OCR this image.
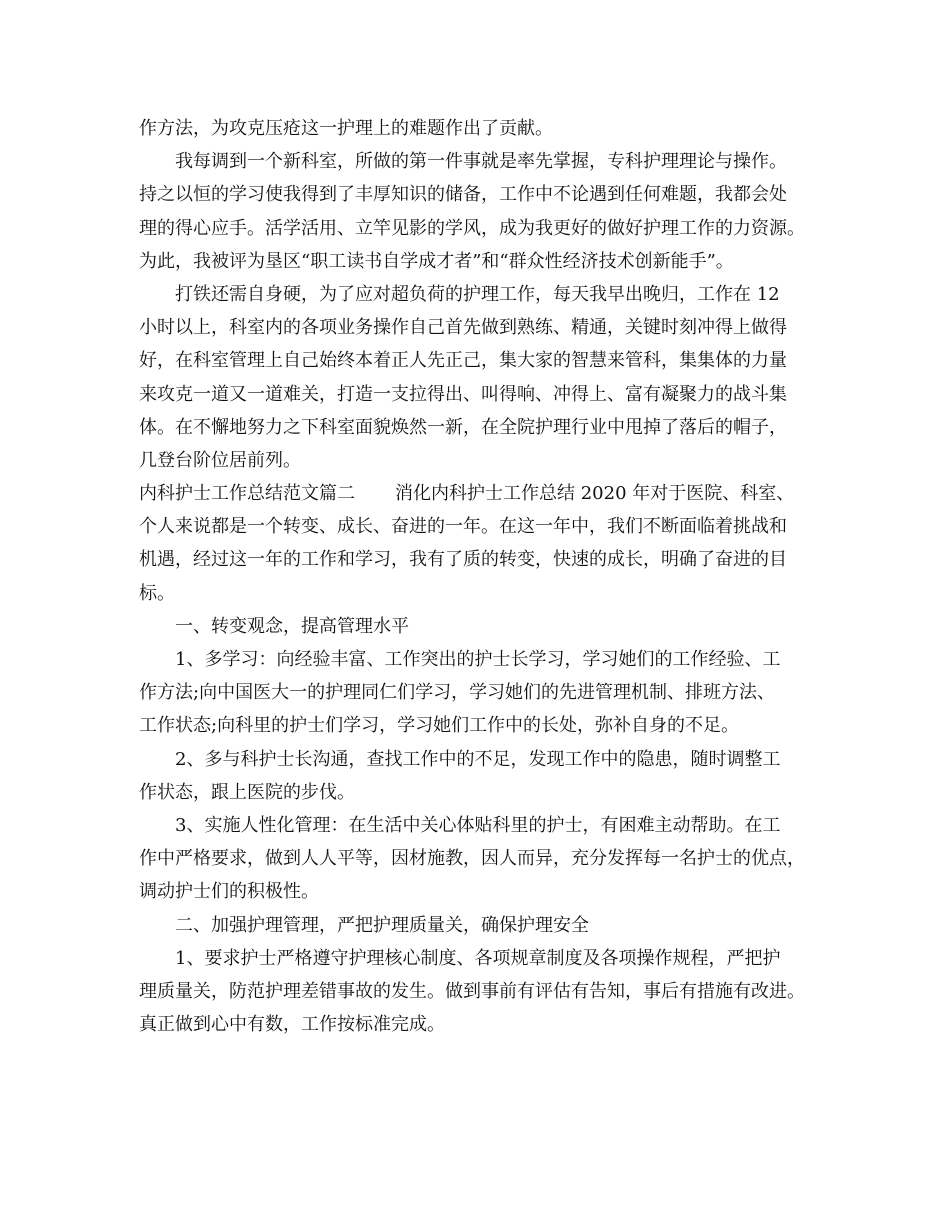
作方法，为攻克压疮这一护理上的难题作出了贡献。
我每调到一个新科室，所做的第一件事就是率先掌握，专科护理理论与操作。
持之以恒的学习使我得到了丰厚知识的储备，工作中不论遇到任何难题，我都会处
理的得心应手。活学活用、立竿见影的学风，成为我更好的做好护理工作的力资源。
为此，我被评为垦区“职工读书自学成才者”和“群众性经济技术创新能手”。
打铁还需自身硬，为了应对超负荷的护理工作，每天我早出晚归，工作在 12
小时以上，科室内的各项业务操作自己首先做到熟练、精通，关键时刻冲得上做得
好，在科室管理上自己始终本着正人先正己，集大家的智慧来管科，集集体的力量
来攻克一道又一道难关，打造一支拉得出、叫得响、冲得上、富有凝聚力的战斗集
体。在不懈地努力之下科室面貌焕然一新，在全院护理行业中甩掉了落后的帽子，
几登台阶位居前列。
内科护士工作总结范文篇二 消化内科护士工作总结 2020 年对于医院、科室、
个人来说都是一个转变、成长、奋进的一年。在这一年中，我们不断面临着挑战和
机遇，经过这一年的工作和学习，我有了质的转变，快速的成长，明确了奋进的目
标。
一、转变观念，提高管理水平
1、多学习：向经验丰富、工作突出的护士长学习，学习她们的工作经验、工
作方法;向中国医大一的护理同仁们学习，学习她们的先进管理机制、排班方法、
工作状态;向科里的护士们学习，学习她们工作中的长处，弥补自身的不足。
2、多与科护士长沟通，查找工作中的不足，发现工作中的隐患，随时调整工
作状态，跟上医院的步伐。
3、实施人性化管理：在生活中关心体贴科里的护士，有困难主动帮助。在工
作中严格要求，做到人人平等，因材施教，因人而异，充分发挥每一名护士的优点，
调动护士们的积极性。
二、加强护理管理，严把护理质量关，确保护理安全
1、要求护士严格遵守护理核心制度、各项规章制度及各项操作规程，严把护
理质量关，防范护理差错事故的发生。做到事前有评估有告知，事后有措施有改进。
真正做到心中有数，工作按标准完成。
